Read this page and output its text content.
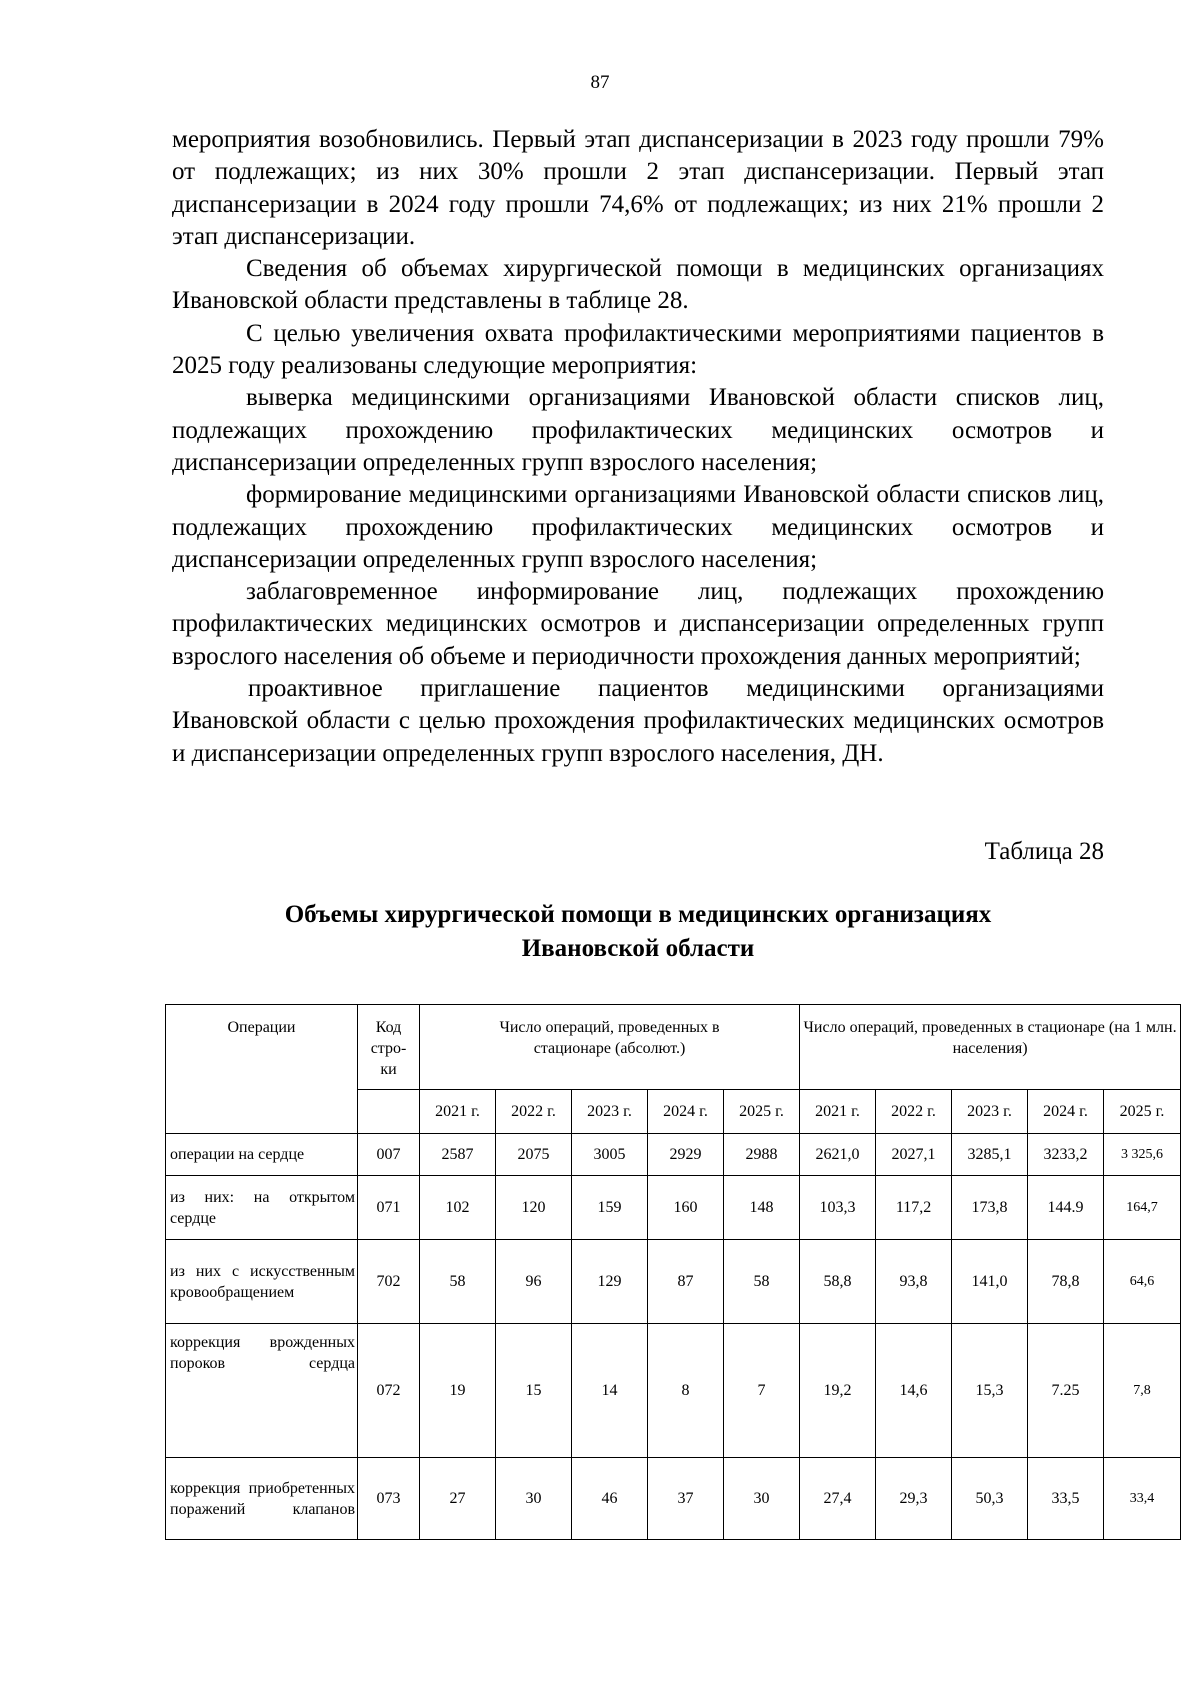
87

мероприятия возобновились. Первый этап диспансеризации в 2023 году прошли 79% от подлежащих; из них 30% прошли 2 этап диспансеризации. Первый этап диспансеризации в 2024 году прошли 74,6% от подлежащих; из них 21% прошли 2 этап диспансеризации.

Сведения об объемах хирургической помощи в медицинских организациях Ивановской области представлены в таблице 28.

С целью увеличения охвата профилактическими мероприятиями пациентов в 2025 году реализованы следующие мероприятия:

выверка медицинскими организациями Ивановской области списков лиц, подлежащих прохождению профилактических медицинских осмотров и диспансеризации определенных групп взрослого населения;

формирование медицинскими организациями Ивановской области списков лиц, подлежащих прохождению профилактических медицинских осмотров и диспансеризации определенных групп взрослого населения;

заблаговременное информирование лиц, подлежащих прохождению профилактических медицинских осмотров и диспансеризации определенных групп взрослого населения об объеме и периодичности прохождения данных мероприятий;

проактивное приглашение пациентов медицинскими организациями Ивановской области с целью прохождения профилактических медицинских осмотров и диспансеризации определенных групп взрослого населения, ДН.

Таблица 28
Объемы хирургической помощи в медицинских организациях
Ивановской области
Операции	Код стро-ки	Число операций, проведенных в стационаре (абсолют.)					Число операций, проведенных в стационаре (на 1 млн. населения)				
		2021 г.	2022 г.	2023 г.	2024 г.	2025 г.	2021 г.	2022 г.	2023 г.	2024 г.	2025 г.
операции на сердце	007	2587	2075	3005	2929	2988	2621,0	2027,1	3285,1	3233,2	3 325,6
из них: на открытом сердце	071	102	120	159	160	148	103,3	117,2	173,8	144.9	164,7
из них с искусственным кровообращением	702	58	96	129	87	58	58,8	93,8	141,0	78,8	64,6
коррекция врожденных пороков сердца	072	19	15	14	8	7	19,2	14,6	15,3	7.25	7,8
коррекция приобретенных поражений клапанов	073	27	30	46	37	30	27,4	29,3	50,3	33,5	33,4
